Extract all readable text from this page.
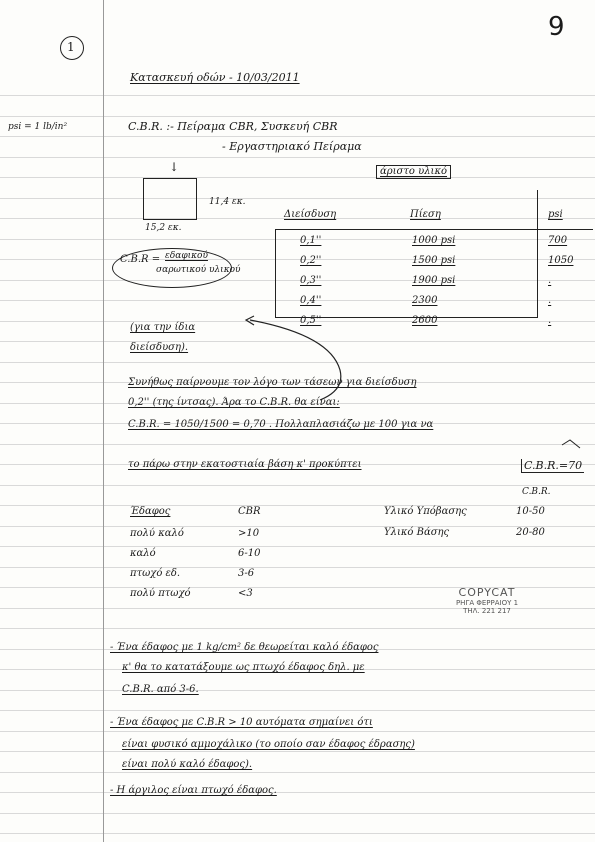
9
1
Κατασκευή οδών - 10/03/2011
psi = 1 lb/in²	C.B.R. :- Πείραμα CBR, Συσκευή CBR
- Εργαστηριακό Πείραμα
↓
11,4 εκ.
15,2 εκ.
άριστο υλικό
Διείσδυση	Πίεση	psi
0,1''	1000 psi	700
0,2''	1500 psi	1050
0,3''	1900 psi	.
0,4''	2300	.
0,5''	2600	.
C.B.R = εδαφικού
σαρωτικού υλικού
(για την ίδια
διείσδυση).
Συνήθως παίρνουμε τον λόγο των τάσεων για διείσδυση
0,2'' (της ίντσας). Άρα το C.B.R. θα είναι:
C.B.R. = 1050/1500 = 0,70 . Πολλαπλασιάζω με 100 για να
το πάρω στην εκατοστιαία βάση κ' προκύπτει	C.B.R.=70
Έδαφος	CBR
πολύ καλό	>10
καλό	6-10
πτωχό εδ.	3-6
πολύ πτωχό	<3
C.B.R.
Υλικό Υπόβασης	10-50
Υλικό Βάσης	20-80
COPYCAT
ΡΗΓΑ ΦΕΡΡΑΙΟΥ 1
ΤΗΛ. 221 217
- Ένα έδαφος με 1 kg/cm² δε θεωρείται καλό έδαφος
κ' θα το κατατάξουμε ως πτωχό έδαφος δηλ. με
C.B.R. από 3-6.
- Ένα έδαφος με C.B.R > 10 αυτόματα σημαίνει ότι
είναι φυσικό αμμοχάλικο (το οποίο σαν έδαφος έδρασης)
είναι πολύ καλό έδαφος).
- Η άργιλος είναι πτωχό έδαφος.
